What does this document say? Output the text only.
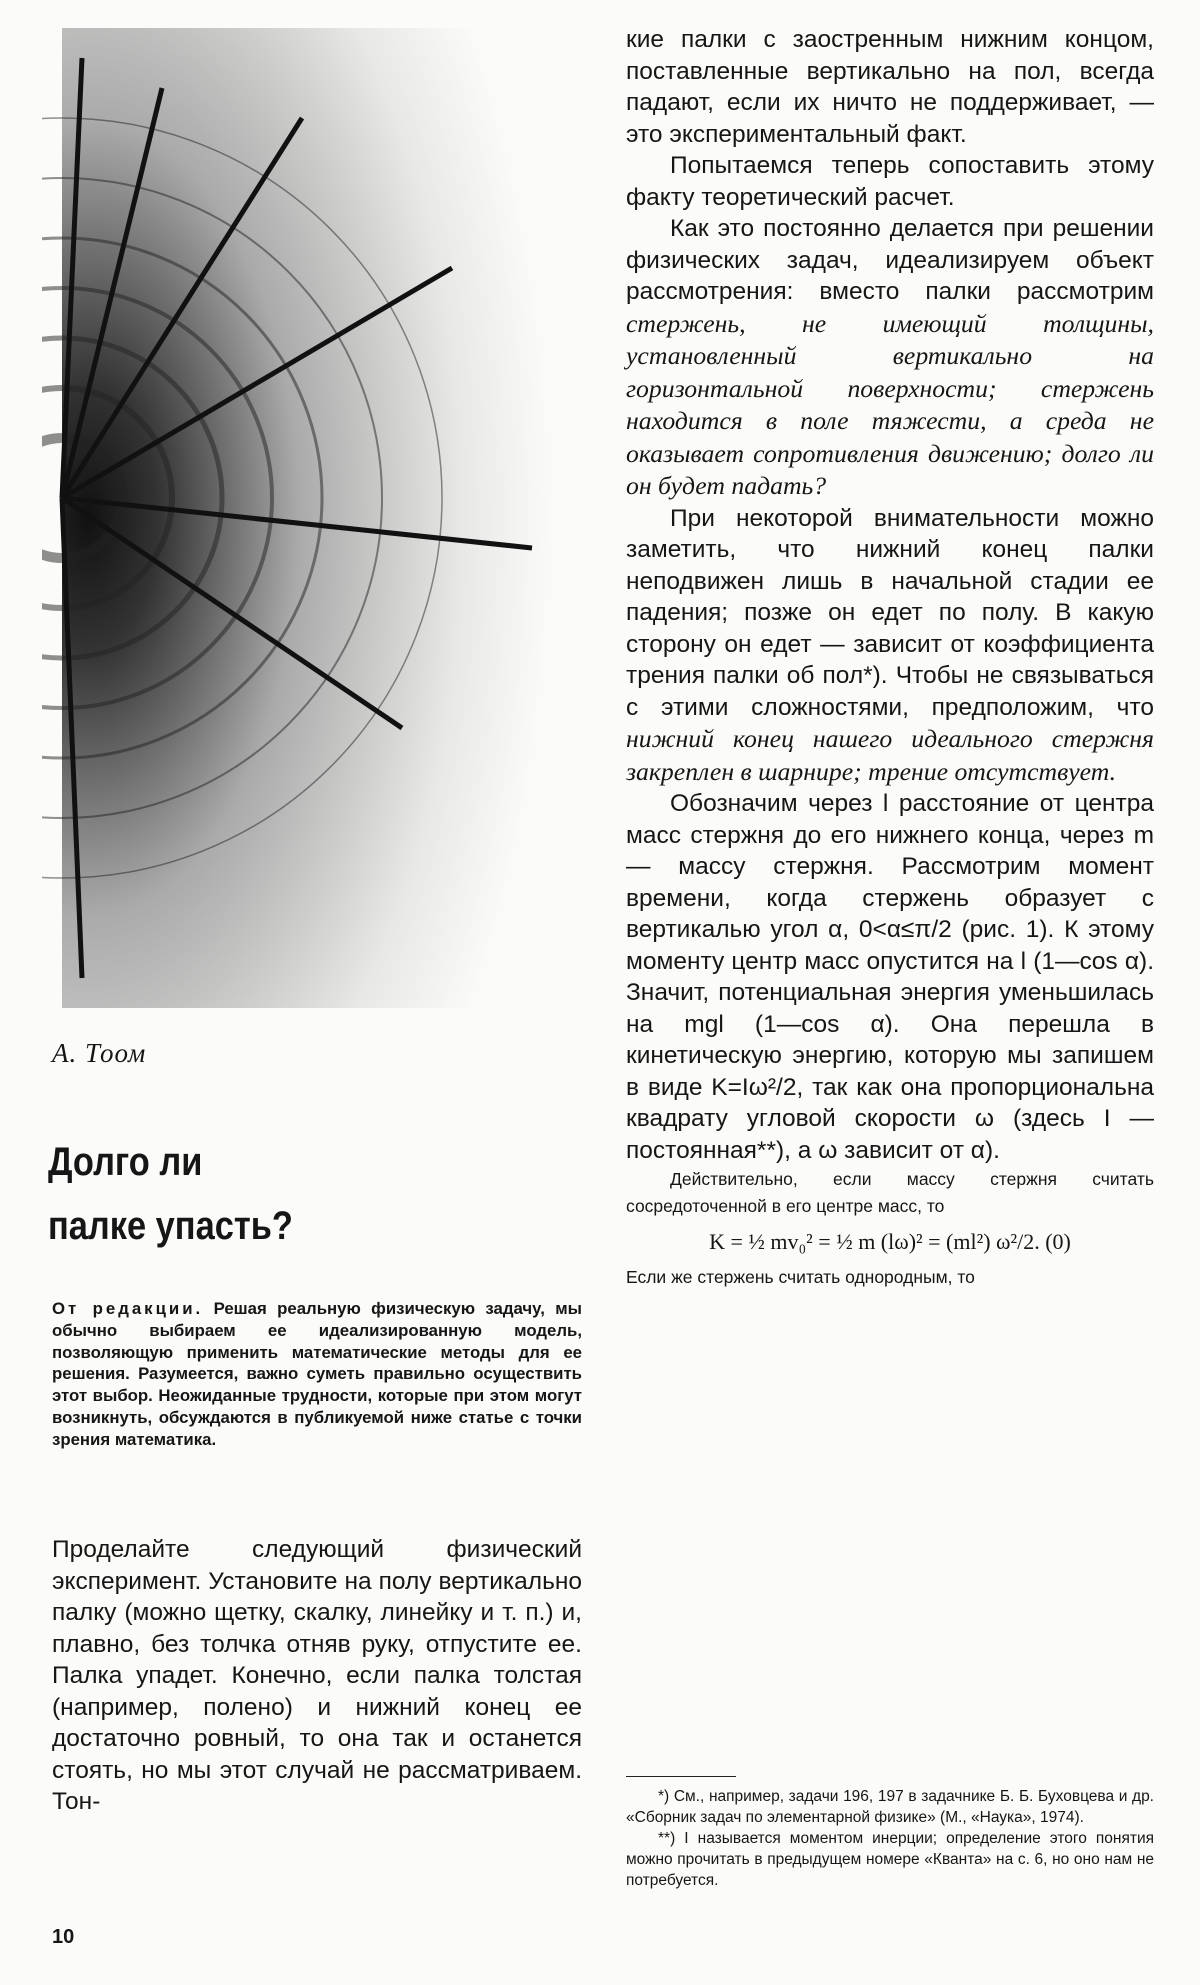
А. Тоом
Долго ли
палке упасть?
От редакции. Решая реальную физическую задачу, мы обычно выбираем ее идеализированную модель, позволяющую применить математические методы для ее решения. Разумеется, важно суметь правильно осуществить этот выбор. Неожиданные трудности, которые при этом могут возникнуть, обсуждаются в публикуемой ниже статье с точки зрения математика.

Проделайте следующий физический эксперимент. Установите на полу вертикально палку (можно щетку, скалку, линейку и т. п.) и, плавно, без толчка отняв руку, отпустите ее. Палка упадет. Конечно, если палка толстая (например, полено) и нижний конец ее достаточно ровный, то она так и останется стоять, но мы этот случай не рассматриваем. Тон-

кие палки с заостренным нижним концом, поставленные вертикально на пол, всегда падают, если их ничто не поддерживает, — это экспериментальный факт.

Попытаемся теперь сопоставить этому факту теоретический расчет.

Как это постоянно делается при решении физических задач, идеализируем объект рассмотрения: вместо палки рассмотрим стержень, не имеющий толщины, установленный вертикально на горизонтальной поверхности; стержень находится в поле тяжести, а среда не оказывает сопротивления движению; долго ли он будет падать?

При некоторой внимательности можно заметить, что нижний конец палки неподвижен лишь в начальной стадии ее падения; позже он едет по полу. В какую сторону он едет — зависит от коэффициента трения палки об пол*). Чтобы не связываться с этими сложностями, предположим, что нижний конец нашего идеального стержня закреплен в шарнире; трение отсутствует.

Обозначим через l расстояние от центра масс стержня до его нижнего конца, через m — массу стержня. Рассмотрим момент времени, когда стержень образует с вертикалью угол α, 0<α≤π/2 (рис. 1). К этому моменту центр масс опустится на l (1—cos α). Значит, потенциальная энергия уменьшилась на mgl (1—cos α). Она перешла в кинетическую энергию, которую мы запишем в виде K=Iω²/2, так как она пропорциональна квадрату угловой скорости ω (здесь I — постоянная**), а ω зависит от α).

Действительно, если массу стержня считать сосредоточенной в его центре масс, то

K = ½ mv₀² = ½ m (lω)² = (ml²) ω²/2. (0)

Если же стержень считать однородным, то

*) См., например, задачи 196, 197 в задачнике Б. Б. Буховцева и др. «Сборник задач по элементарной физике» (М., «Наука», 1974).

**) I называется моментом инерции; определение этого понятия можно прочитать в предыдущем номере «Кванта» на с. 6, но оно нам не потребуется.

10
